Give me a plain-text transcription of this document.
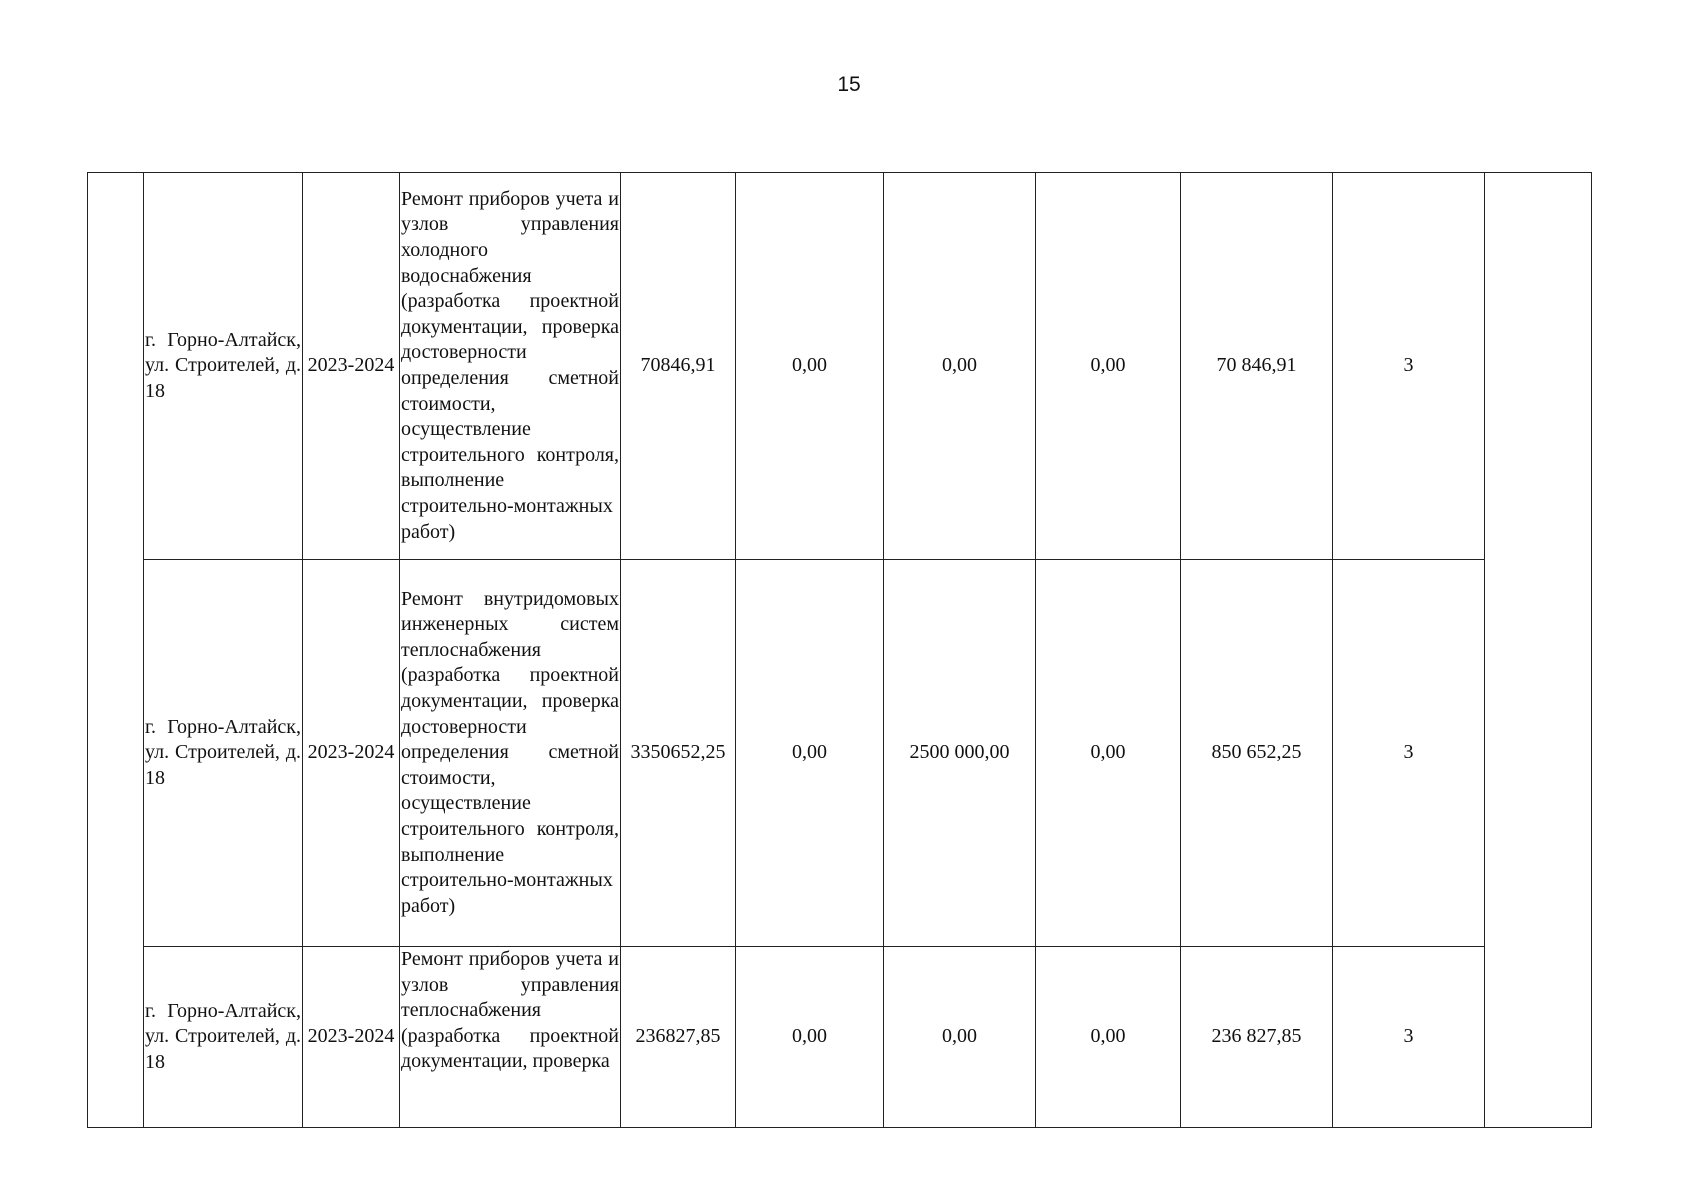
15
	г. Горно-Алтайск, ул. Строителей, д. 18	2023-2024	Ремонт приборов учета и узлов управления холодного водоснабжения (разработка проектной документации, проверка достоверности определения сметной стоимости, осуществление строительного контроля, выполнение строительно-монтажных работ)	70846,91	0,00	0,00	0,00	70 846,91	3	
	г. Горно-Алтайск, ул. Строителей, д. 18	2023-2024	Ремонт внутридомовых инженерных систем теплоснабжения (разработка проектной документации, проверка достоверности определения сметной стоимости, осуществление строительного контроля, выполнение строительно-монтажных работ)	3350652,25	0,00	2500 000,00	0,00	850 652,25	3	
	г. Горно-Алтайск, ул. Строителей, д. 18	2023-2024	Ремонт приборов учета и узлов управления теплоснабжения (разработка проектной документации, проверка	236827,85	0,00	0,00	0,00	236 827,85	3	
